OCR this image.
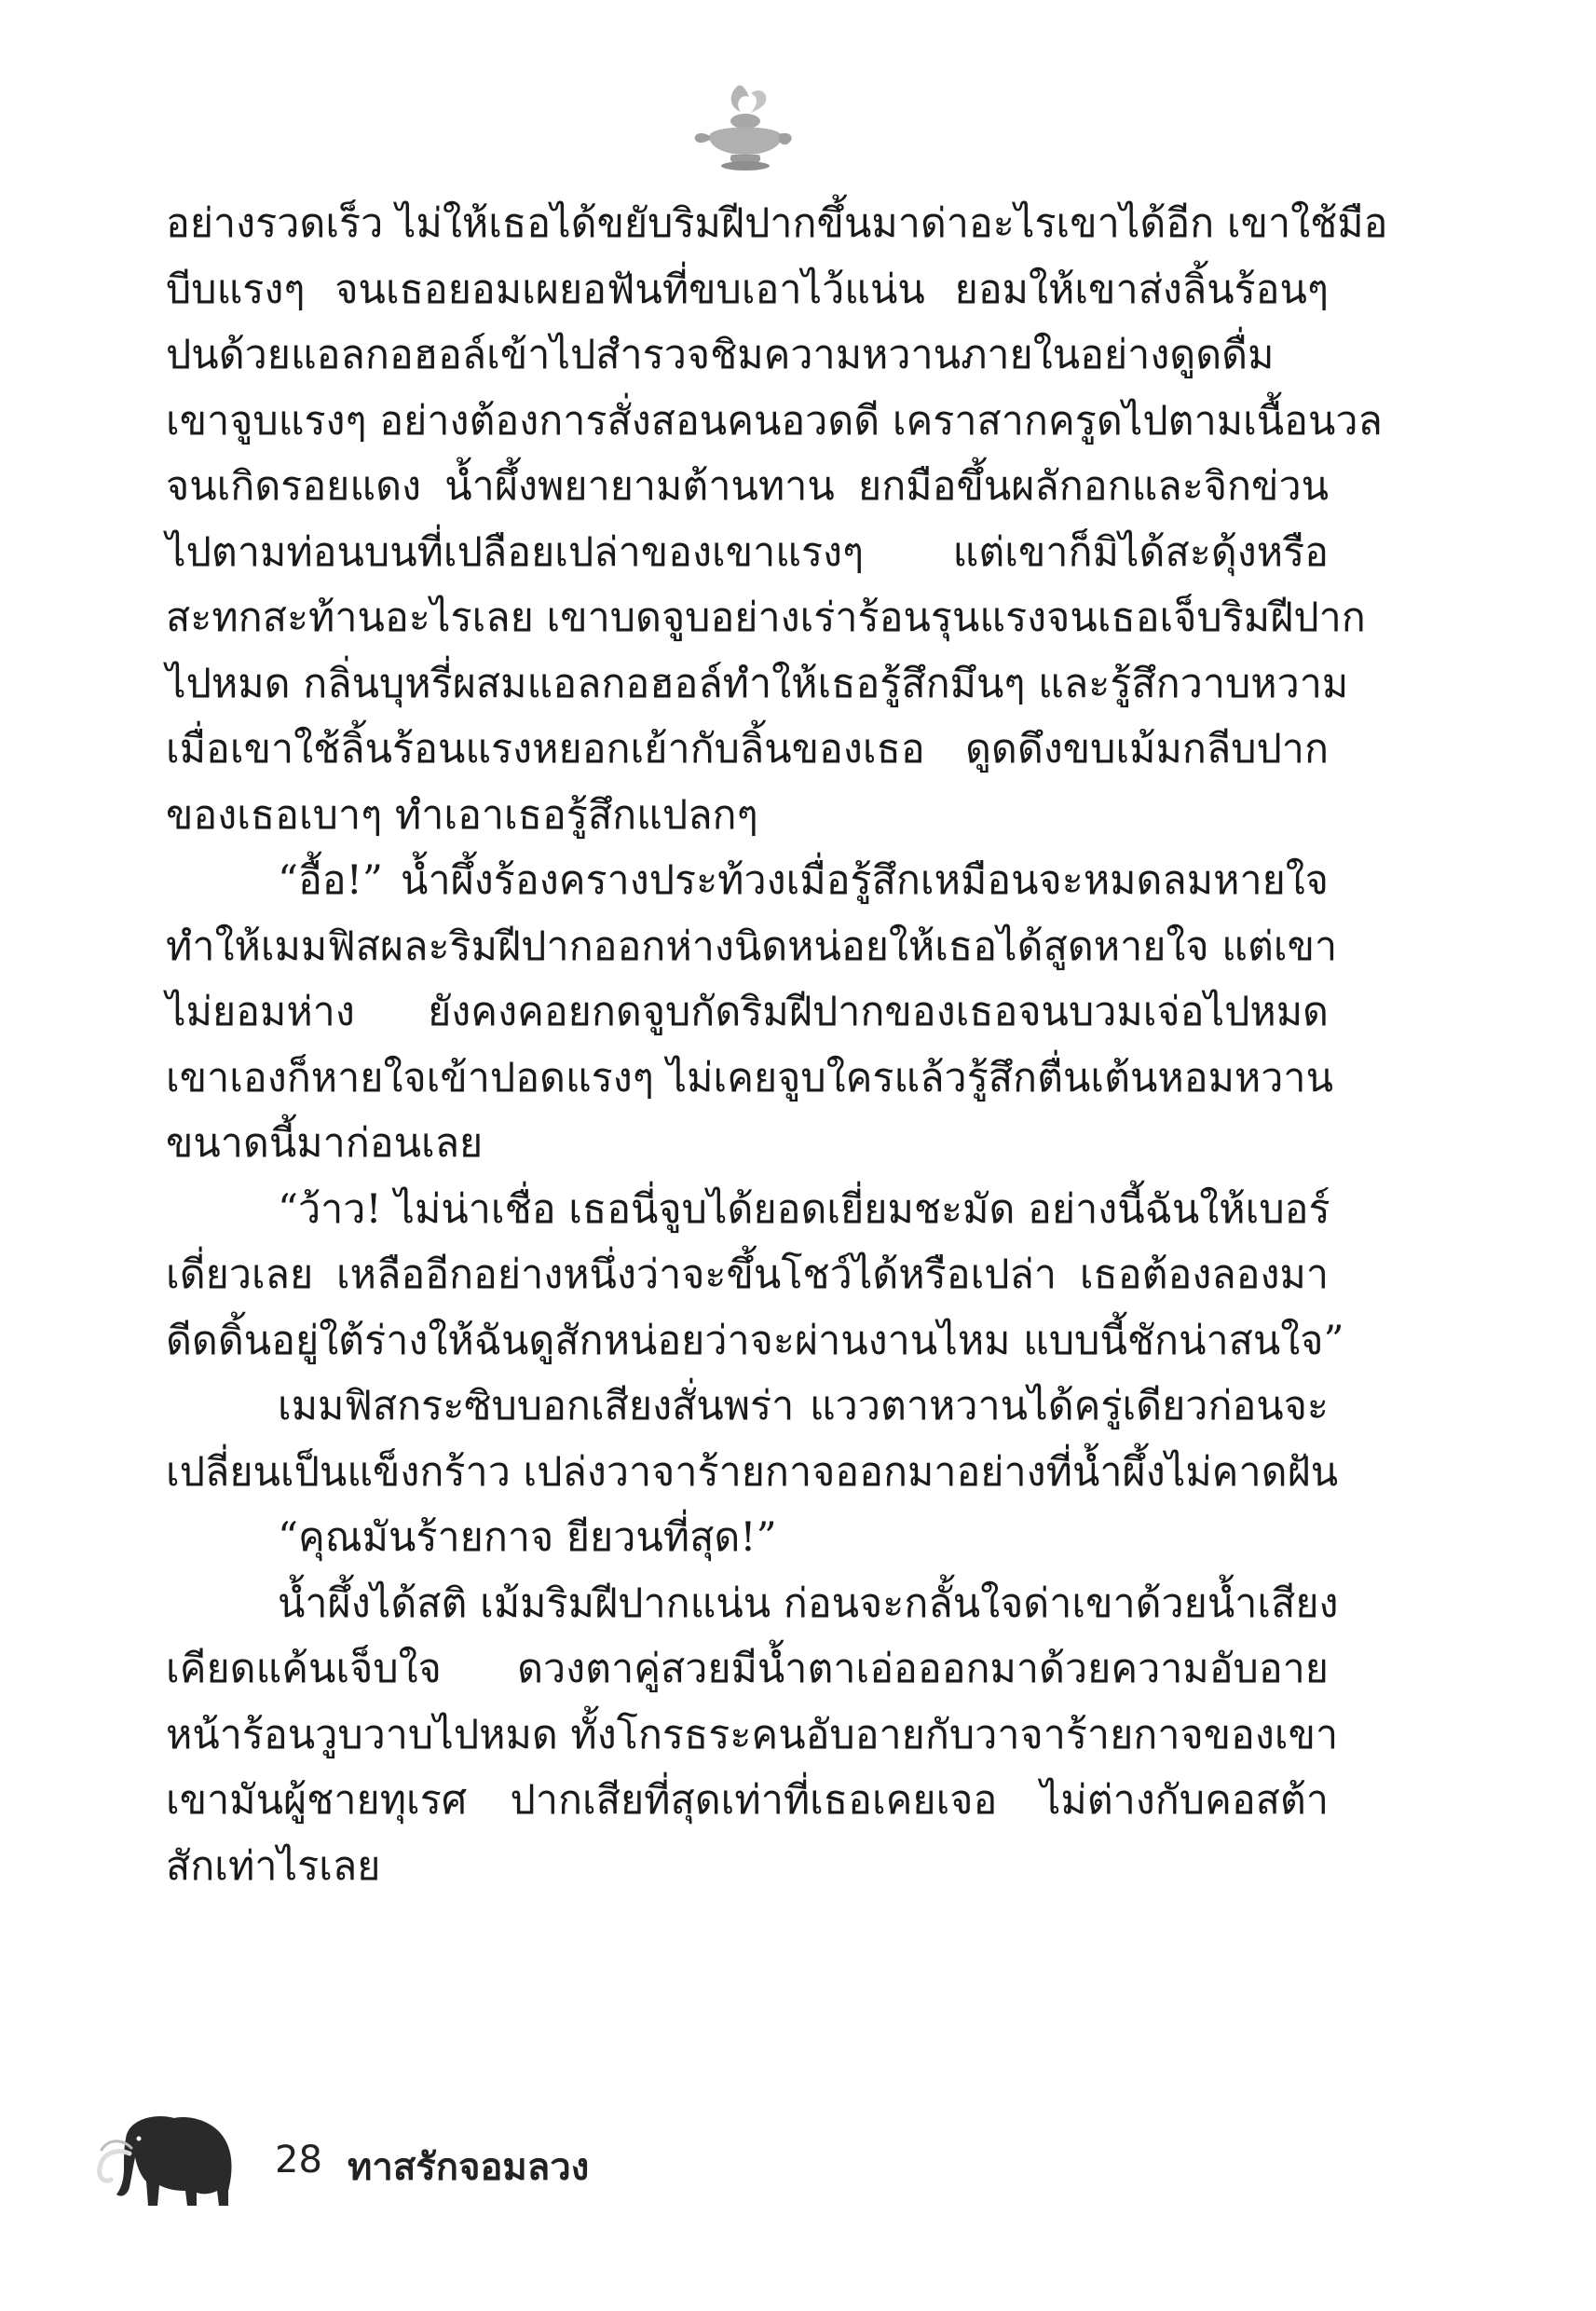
อย่างรวดเร็ว ไม่ให้เธอได้ขยับริมฝีปากขึ้นมาด่าอะไรเขาได้อีก เขาใช้มือ
บีบแรงๆ จนเธอยอมเผยอฟันที่ขบเอาไว้แน่น ยอมให้เขาส่งลิ้นร้อนๆ
ปนด้วยแอลกอฮอล์เข้าไปสำรวจชิมความหวานภายในอย่างดูดดื่ม
เขาจูบแรงๆ อย่างต้องการสั่งสอนคนอวดดี เคราสากครูดไปตามเนื้อนวล
จนเกิดรอยแดง น้ำผึ้งพยายามต้านทาน ยกมือขึ้นผลักอกและจิกข่วน
ไปตามท่อนบนที่เปลือยเปล่าของเขาแรงๆ แต่เขาก็มิได้สะดุ้งหรือ
สะทกสะท้านอะไรเลย เขาบดจูบอย่างเร่าร้อนรุนแรงจนเธอเจ็บริมฝีปาก
ไปหมด กลิ่นบุหรี่ผสมแอลกอฮอล์ทำให้เธอรู้สึกมึนๆ และรู้สึกวาบหวาม
เมื่อเขาใช้ลิ้นร้อนแรงหยอกเย้ากับลิ้นของเธอ ดูดดึงขบเม้มกลีบปาก
ของเธอเบาๆ ทำเอาเธอรู้สึกแปลกๆ
“อื้อ!” น้ำผึ้งร้องครางประท้วงเมื่อรู้สึกเหมือนจะหมดลมหายใจ
ทำให้เมมฟิสผละริมฝีปากออกห่างนิดหน่อยให้เธอได้สูดหายใจ แต่เขา
ไม่ยอมห่าง ยังคงคอยกดจูบกัดริมฝีปากของเธอจนบวมเจ่อไปหมด
เขาเองก็หายใจเข้าปอดแรงๆ ไม่เคยจูบใครแล้วรู้สึกตื่นเต้นหอมหวาน
ขนาดนี้มาก่อนเลย
“ว้าว! ไม่น่าเชื่อ เธอนี่จูบได้ยอดเยี่ยมชะมัด อย่างนี้ฉันให้เบอร์
เดี่ยวเลย เหลืออีกอย่างหนึ่งว่าจะขึ้นโชว์ได้หรือเปล่า เธอต้องลองมา
ดีดดิ้นอยู่ใต้ร่างให้ฉันดูสักหน่อยว่าจะผ่านงานไหม แบบนี้ชักน่าสนใจ”
เมมฟิสกระซิบบอกเสียงสั่นพร่า แววตาหวานได้ครู่เดียวก่อนจะ
เปลี่ยนเป็นแข็งกร้าว เปล่งวาจาร้ายกาจออกมาอย่างที่น้ำผึ้งไม่คาดฝัน
“คุณมันร้ายกาจ ยียวนที่สุด!”
น้ำผึ้งได้สติ เม้มริมฝีปากแน่น ก่อนจะกลั้นใจด่าเขาด้วยน้ำเสียง
เคียดแค้นเจ็บใจ ดวงตาคู่สวยมีน้ำตาเอ่อออกมาด้วยความอับอาย
หน้าร้อนวูบวาบไปหมด ทั้งโกรธระคนอับอายกับวาจาร้ายกาจของเขา
เขามันผู้ชายทุเรศ ปากเสียที่สุดเท่าที่เธอเคยเจอ ไม่ต่างกับคอสต้า
สักเท่าไรเลย
28 ทาสรักจอมลวง
